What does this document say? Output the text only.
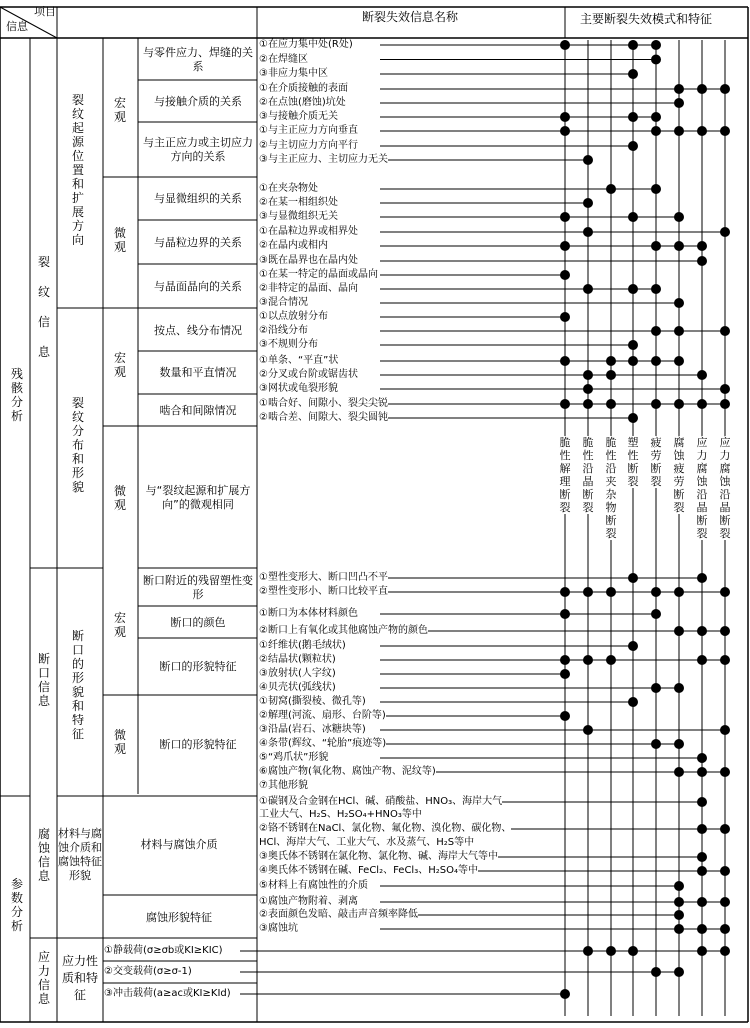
项目
信息
断裂失效信息名称	主要断裂失效模式和特征
残
骸
分
析
参
数
分
析
裂
纹
信
息
断
口
信
息
腐
蚀
信
息
应
力
信
息
裂
纹
起
源
位
置
和
扩
展
方
向
裂
纹
分
布
和
形
貌
断
口
的
形
貌
和
特
征
材料与腐蚀介质和腐蚀特征形貌
应力性质和特征
宏
观
微
观
宏
观
微
观
宏
观
微
观
与零件应力、焊缝的关系
与接触介质的关系
与主正应力或主切应力方向的关系
与显微组织的关系
与晶粒边界的关系
与晶面晶向的关系
按点、线分布情况
数量和平直情况
啮合和间隙情况
与“裂纹起源和扩展方向”的微观相同
断口附近的残留塑性变形
断口的颜色
断口的形貌特征
断口的形貌特征
材料与腐蚀介质
腐蚀形貌特征
①在应力集中处(R处)
②在焊缝区
③非应力集中区
①在介质接触的表面
②在点蚀(磨蚀)坑处
③与接触介质无关
①与主正应力方向垂直
②与主切应力方向平行
③与主正应力、主切应力无关
①在夹杂物处
②在某一相组织处
③与显微组织无关
①在晶粒边界或相界处
②在晶内或相内
③既在晶界也在晶内处
①在某一特定的晶面或晶向
②非特定的晶面、晶向
③混合情况
①以点放射分布
②沿线分布
③不规则分布
①单条、“平直”状
②分叉或台阶或锯齿状
③网状或龟裂形貌
①啮合好、间隙小、裂尖尖锐
②啮合差、间隙大、裂尖圆钝
①塑性变形大、断口凹凸不平
②塑性变形小、断口比较平直
①断口为本体材料颜色
②断口上有氧化或其他腐蚀产物的颜色
①纤维状(鹅毛绒状)
②结晶状(颗粒状)
③放射状(人字纹)
④贝壳状(弧线状)
①韧窝(撕裂棱、微孔等)
②解理(河流、扇形、台阶等)
③沿晶(岩石、冰糖块等)
④条带(辉纹、“轮胎”痕迹等)
⑤“鸡爪状”形貌
⑥腐蚀产物(氧化物、腐蚀产物、泥纹等)
⑦其他形貌
①碳钢及合金钢在HCl、碱、硝酸盐、HNO₃、海岸大气
工业大气、H₂S、H₂SO₄+HNO₃等中
②铬不锈钢在NaCl、氯化物、氟化物、溴化物、碳化物、
HCl、海岸大气、工业大气、水及蒸气、H₂S等中
③奥氏体不锈钢在氯化物、氯化物、碱、海岸大气等中
④奥氏体不锈钢在碱、FeCl₂、FeCl₃、H₂SO₄等中
⑤材料上有腐蚀性的介质
①腐蚀产物附着、剥离
②表面颜色发暗、敲击声音频率降低
③腐蚀坑
①静载荷(σ≥σb或KI≥KIC)
②交变载荷(σ≥σ-1)
③冲击载荷(a≥ac或KI≥KId)
脆
性
解
理
断
裂
脆
性
沿
晶
断
裂
脆
性
沿
夹
杂
物
断
裂
塑
性
断
裂
疲
劳
断
裂
腐
蚀
疲
劳
断
裂
应
力
腐
蚀
沿
晶
断
裂
应
力
腐
蚀
沿
晶
断
裂
